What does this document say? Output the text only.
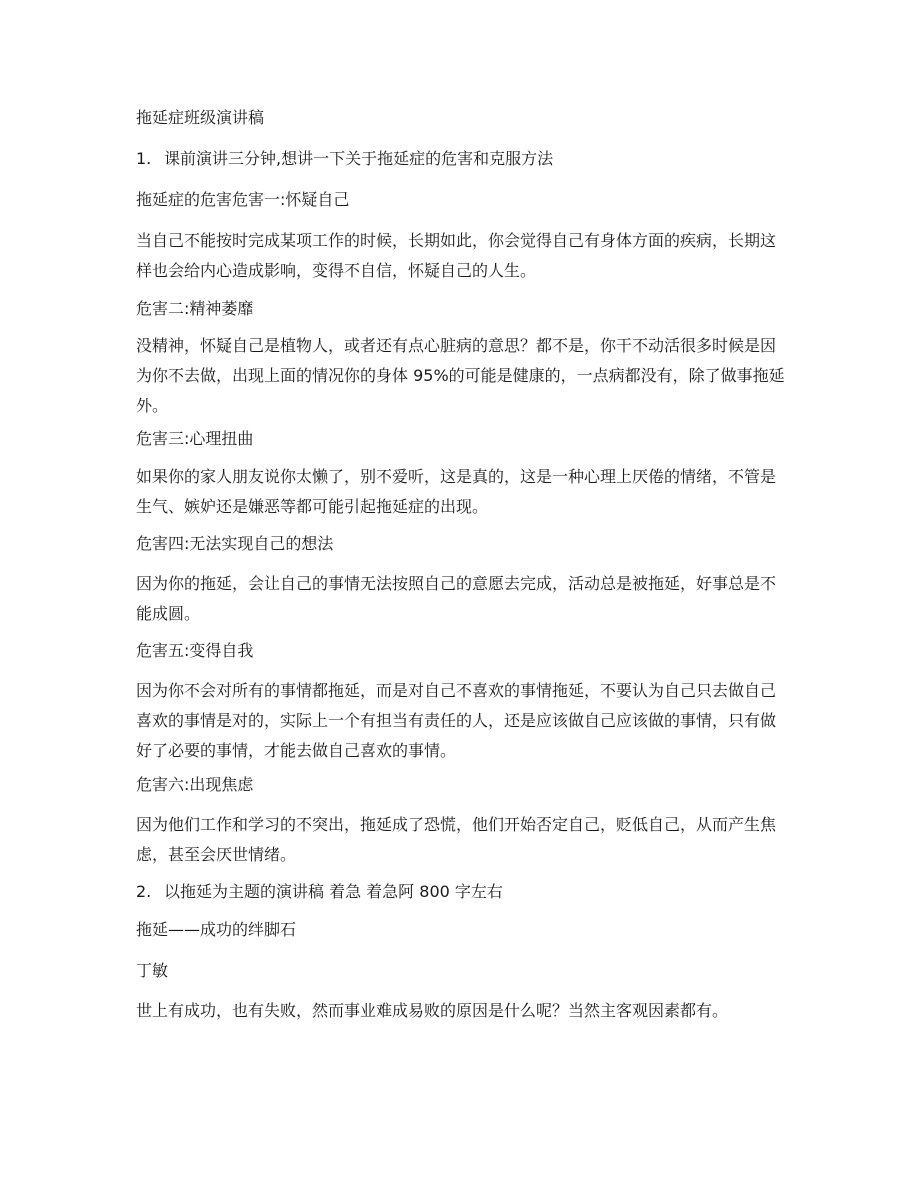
拖延症班级演讲稿

1. 课前演讲三分钟,想讲一下关于拖延症的危害和克服方法

拖延症的危害危害一:怀疑自己

当自己不能按时完成某项工作的时候，长期如此，你会觉得自己有身体方面的疾病，长期这样也会给内心造成影响，变得不自信，怀疑自己的人生。

危害二:精神萎靡

没精神，怀疑自己是植物人，或者还有点心脏病的意思？都不是，你干不动活很多时候是因为你不去做，出现上面的情况你的身体 95%的可能是健康的，一点病都没有，除了做事拖延外。

危害三:心理扭曲

如果你的家人朋友说你太懒了，别不爱听，这是真的，这是一种心理上厌倦的情绪，不管是生气、嫉妒还是嫌恶等都可能引起拖延症的出现。

危害四:无法实现自己的想法

因为你的拖延，会让自己的事情无法按照自己的意愿去完成，活动总是被拖延，好事总是不能成圆。

危害五:变得自我

因为你不会对所有的事情都拖延，而是对自己不喜欢的事情拖延，不要认为自己只去做自己喜欢的事情是对的，实际上一个有担当有责任的人，还是应该做自己应该做的事情，只有做好了必要的事情，才能去做自己喜欢的事情。

危害六:出现焦虑

因为他们工作和学习的不突出，拖延成了恐慌，他们开始否定自己，贬低自己，从而产生焦虑，甚至会厌世情绪。

2. 以拖延为主题的演讲稿 着急 着急阿 800 字左右

拖延——成功的绊脚石

丁敏

世上有成功，也有失败，然而事业难成易败的原因是什么呢？当然主客观因素都有。
